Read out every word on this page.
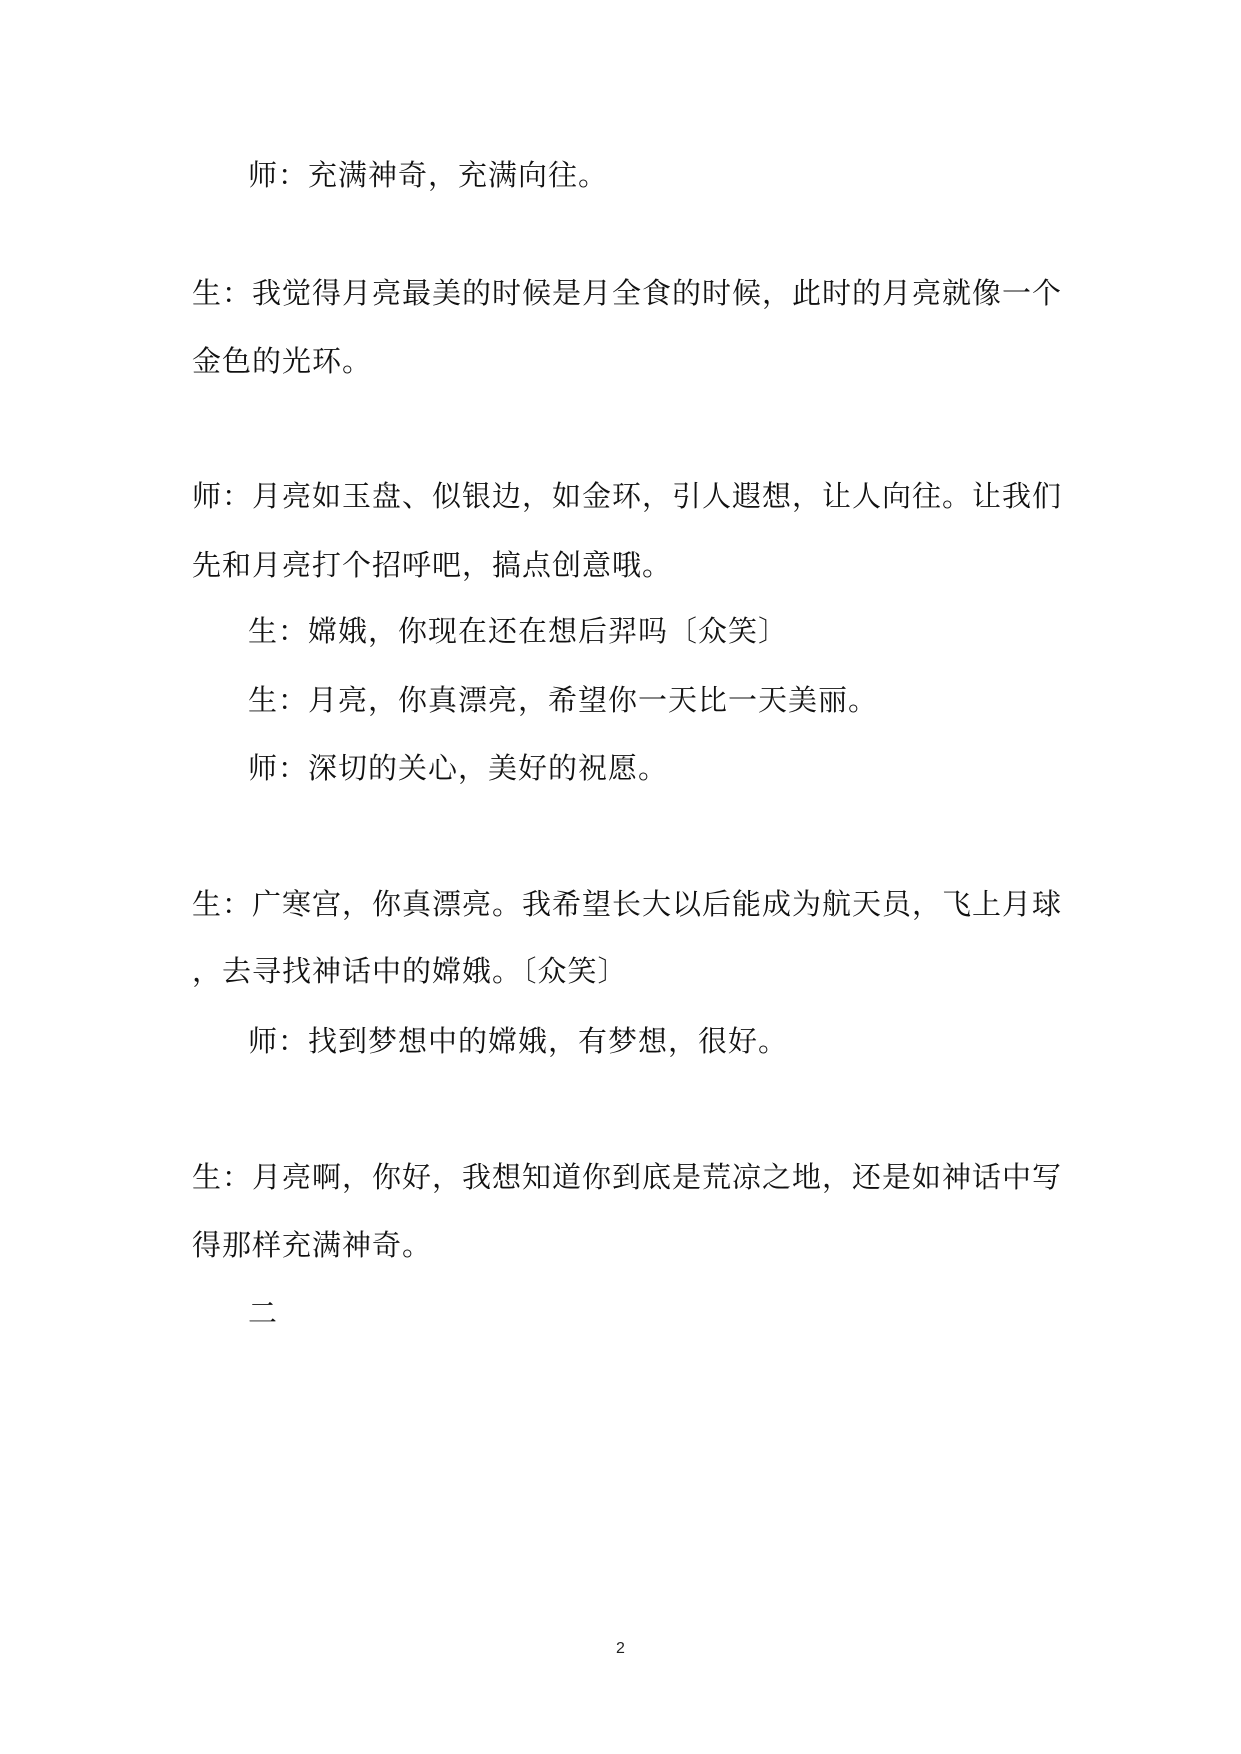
师：充满神奇，充满向往。
生：我觉得月亮最美的时候是月全食的时候，此时的月亮就像一个
金色的光环。
师：月亮如玉盘、似银边，如金环，引人遐想，让人向往。让我们
先和月亮打个招呼吧，搞点创意哦。
生：嫦娥，你现在还在想后羿吗〔众笑〕
生：月亮，你真漂亮，希望你一天比一天美丽。
师：深切的关心，美好的祝愿。
生：广寒宫，你真漂亮。我希望长大以后能成为航天员，飞上月球
，去寻找神话中的嫦娥。〔众笑〕
师：找到梦想中的嫦娥，有梦想，很好。
生：月亮啊，你好，我想知道你到底是荒凉之地，还是如神话中写
得那样充满神奇。
二
2
